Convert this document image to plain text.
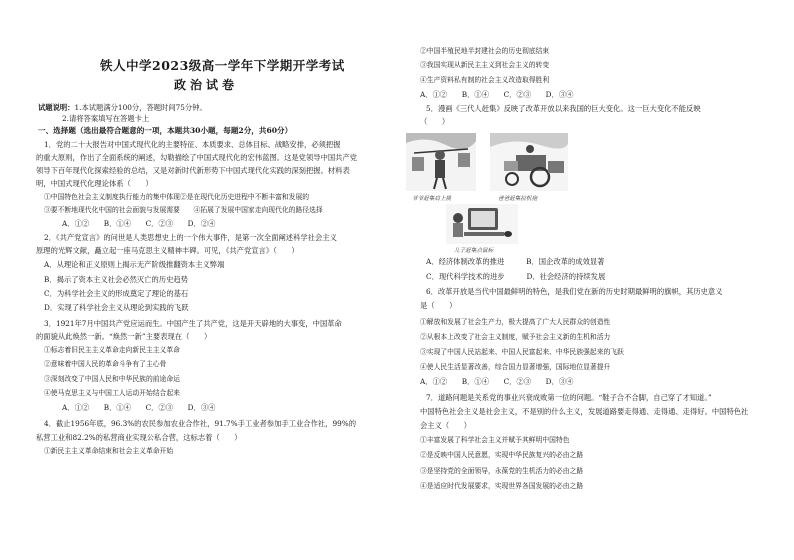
铁人中学2023级高一学年下学期开学考试
政治试卷
试题说明：1.本试题满分100分，答题时间75分钟。
2.请将答案填写在答题卡上
一、选择题（选出最符合题意的一项，本题共30小题，每题2分，共60分）
1．党的二十大报告对中国式现代化的主要特征、本质要求、总体目标、战略安排，必须把握
的重大原则，作出了全面系统的阐述，勾勒描绘了中国式现代化的宏伟蓝图。这是党领导中国共产党
领导下百年现代化探索经验的总结，又是对新时代新形势下中国式现代化实践的深刻把握。材料表
明，中国式现代化理论体系（　　）
①中国特色社会主义制度执行能力的集中体现②是在现代化历史进程中不断丰富和发展的
③要不断地现代化中国的社会面貌与发展需要　　④拓展了发展中国家走向现代化的路径选择
A．①②　　B．①④　　C．②③　　D．②④
2．《共产党宣言》的问世是人类思想史上的一个伟大事件，是第一次全面阐述科学社会主义
原理的光辉文献，矗立起一座马克思主义精神丰碑。可见，《共产党宣言》（　　）
A．从理论和正义原则上揭示无产阶级推翻资本主义弊端
B．揭示了资本主义社会必然灭亡的历史趋势
C．为科学社会主义的形成奠定了理论的基石
D．实现了科学社会主义从理论到实践的飞跃
3．1921年7月中国共产党应运而生。中国产生了共产党，这是开天辟地的大事变，中国革命
的面貌从此焕然一新。“焕然一新”主要表现在（　　）
①标志着旧民主主义革命走向新民主主义革命
②意味着中国人民的革命斗争有了主心骨
③深刻改变了中国人民和中华民族的前途命运
④使马克思主义与中国工人运动开始结合起来
A．①②　　B．①④　　C．②③　　D．③④
4．截止1956年底，96.3%的农民参加农业合作社，91.7%手工业者参加手工业合作社，99%的
私营工业和82.2%的私营商业实现公私合营，这标志着（　　）
①新民主主义革命结束和社会主义革命开始
②中国半殖民地半封建社会的历史彻底结束
③我国实现从新民主主义到社会主义的转变
④生产资料私有制的社会主义改造取得胜利
A．①②　　B．①④　　C．②③　　D．③④
5．漫画《三代人赶集》反映了改革开放以来我国的巨大变化。这一巨大变化不能反映
（　　）
爷爷赶集肩上挑	爸爸赶集拉机拖
儿子赶集点鼠标
A．经济体制改革的推进　　　B．国企改革的成效显著
C．现代科学技术的进步　　　D．社会经济的持续发展
6．改革开放是当代中国最鲜明的特色，是我们党在新的历史时期最鲜明的旗帜，其历史意义
是（　　）
①解放和发展了社会生产力，极大提高了广大人民群众的创造性
②从根本上改变了社会主义制度，赋予社会主义新的生机和活力
③实现了中国人民站起来、中国人民富起来、中华民族强起来的飞跃
④使人民生活显著改善，综合国力显著增强，国际地位显著提升
A．①②　　B．①④　　C．②③　　D．③④
7．道路问题是关系党的事业兴衰成败第一位的问题。“鞋子合不合脚，自己穿了才知道。”
中国特色社会主义是社会主义，不是别的什么主义，发展道路要走得通、走得通、走得好。中国特色社
会主义（　　）
①丰富发展了科学社会主义并赋予其鲜明中国特色
②是反映中国人民意愿，实现中华民族复兴的必由之路
③是坚持党的全面领导，永葆党的生机活力的必由之路
④是适应时代发展要求，实现世界各国发展的必由之路
